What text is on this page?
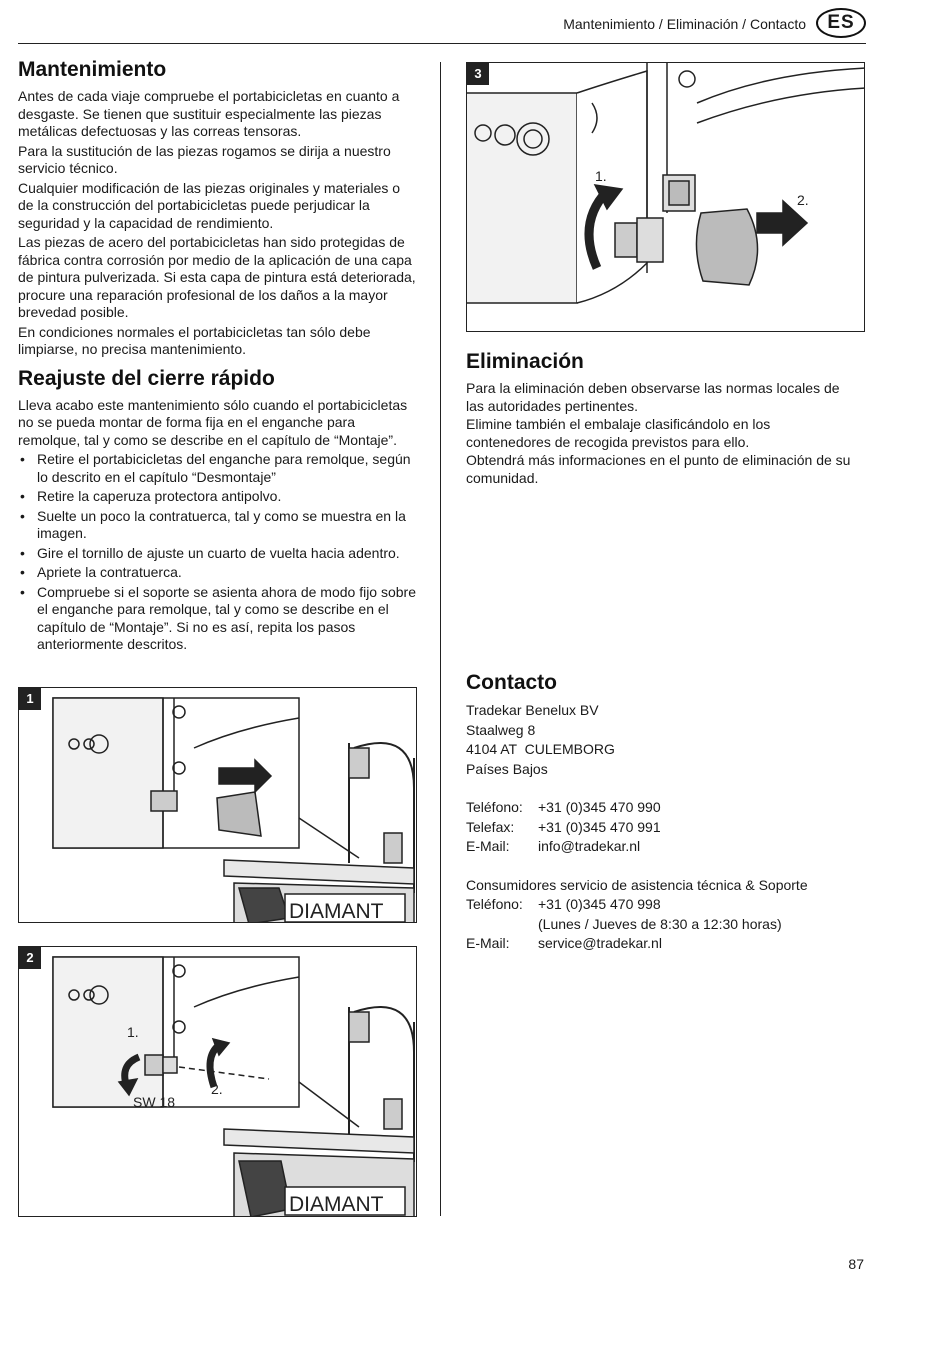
Mantenimiento / Eliminación / Contacto	ES
Mantenimiento

Antes de cada viaje compruebe el portabicicletas en cuanto a desgaste. Se tienen que sustituir especialmente las piezas metálicas defectuosas y las correas tensoras.

Para la sustitución de las piezas rogamos se dirija a nuestro servicio técnico.

Cualquier modificación de las piezas originales y materiales o de la construcción del portabicicletas puede perjudicar la seguridad y la capacidad de rendimiento.

Las piezas de acero del portabicicletas han sido protegidas de fábrica contra corrosión por medio de la aplicación de una capa de pintura pulverizada. Si esta capa de pintura está deteriorada, procure una reparación profesional de los daños a la mayor brevedad posible.

En condiciones normales el portabicicletas tan sólo debe limpiarse, no precisa mantenimiento.

Reajuste del cierre rápido

Lleva acabo este mantenimiento sólo cuando el portabicicletas no se pueda montar de forma fija en el enganche para remolque, tal y como se describe en el capítulo de “Montaje”.

• Retire el portabicicletas del enganche para remolque, según lo descrito en el capítulo “Desmontaje”
• Retire la caperuza protectora antipolvo.
• Suelte un poco la contratuerca, tal y como se muestra en la imagen.
• Gire el tornillo de ajuste un cuarto de vuelta hacia adentro.
• Apriete la contratuerca.
• Compruebe si el soporte se asienta ahora de modo fijo sobre el enganche para remolque, tal y como se describe en el capítulo de “Montaje”. Si no es así, repita los pasos anteriormente descritos.
1
DIAMANT
2
1.
2.
SW 18
DIAMANT
3
1.
2.
Eliminación

Para la eliminación deben observarse las normas locales de las autoridades pertinentes.

Elimine también el embalaje clasificándolo en los contenedores de recogida previstos para ello.

Obtendrá más informaciones en el punto de eliminación de su comunidad.

Contacto

Tradekar Benelux BV

Staalweg 8

4104 AT  CULEMBORG

Países Bajos

Teléfono:	+31 (0)345 470 990
Telefax:	+31 (0)345 470 991
E-Mail:	info@tradekar.nl

Consumidores servicio de asistencia técnica & Soporte

Teléfono:	+31 (0)345 470 998
(Lunes / Jueves de 8:30 a 12:30 horas)
E-Mail:	service@tradekar.nl
87
